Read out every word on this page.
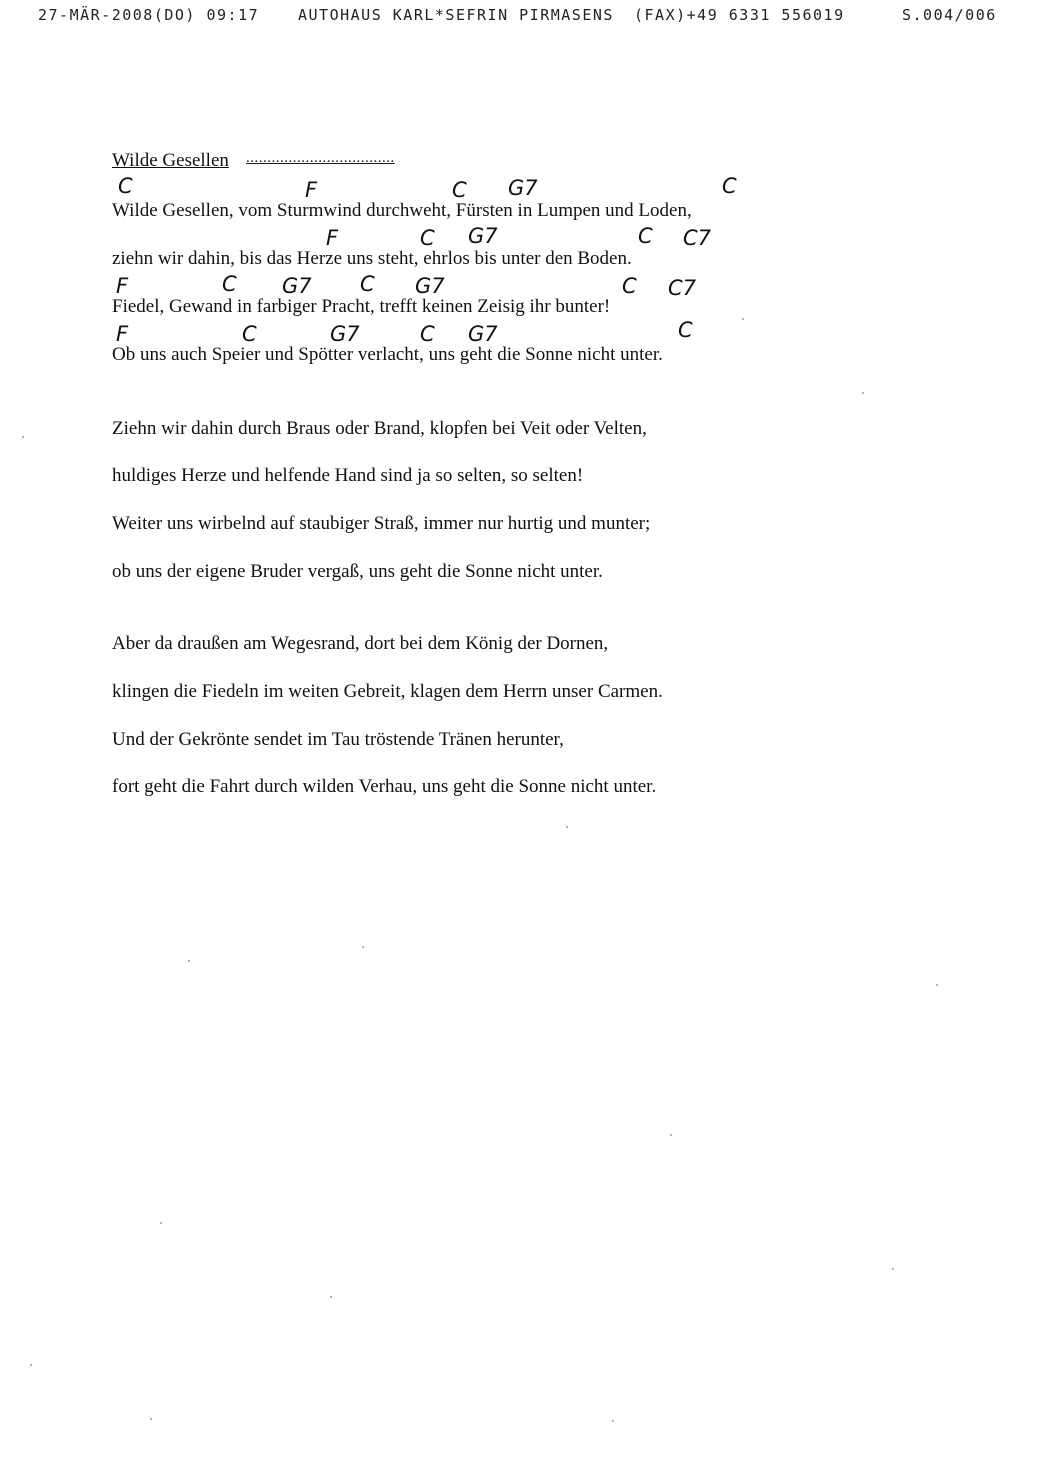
27-MÄR-2008(DO) 09:17	AUTOHAUS KARL*SEFRIN PIRMASENS (FAX)+49 6331 556019	S.004/006
Wilde Gesellen ...................................
C	F	C G7	C
Wilde Gesellen, vom Sturmwind durchweht, Fürsten in Lumpen und Loden,
F	C G7	C C7
ziehn wir dahin, bis das Herze uns steht, ehrlos bis unter den Boden.
F	C G7 C G7	C C7
Fiedel, Gewand in farbiger Pracht, trefft keinen Zeisig ihr bunter!
F	C	G7	C G7	C
Ob uns auch Speier und Spötter verlacht, uns geht die Sonne nicht unter.
Ziehn wir dahin durch Braus oder Brand, klopfen bei Veit oder Velten,
huldiges Herze und helfende Hand sind ja so selten, so selten!
Weiter uns wirbelnd auf staubiger Straß, immer nur hurtig und munter;
ob uns der eigene Bruder vergaß, uns geht die Sonne nicht unter.
Aber da draußen am Wegesrand, dort bei dem König der Dornen,
klingen die Fiedeln im weiten Gebreit, klagen dem Herrn unser Carmen.
Und der Gekrönte sendet im Tau tröstende Tränen herunter,
fort geht die Fahrt durch wilden Verhau, uns geht die Sonne nicht unter.
